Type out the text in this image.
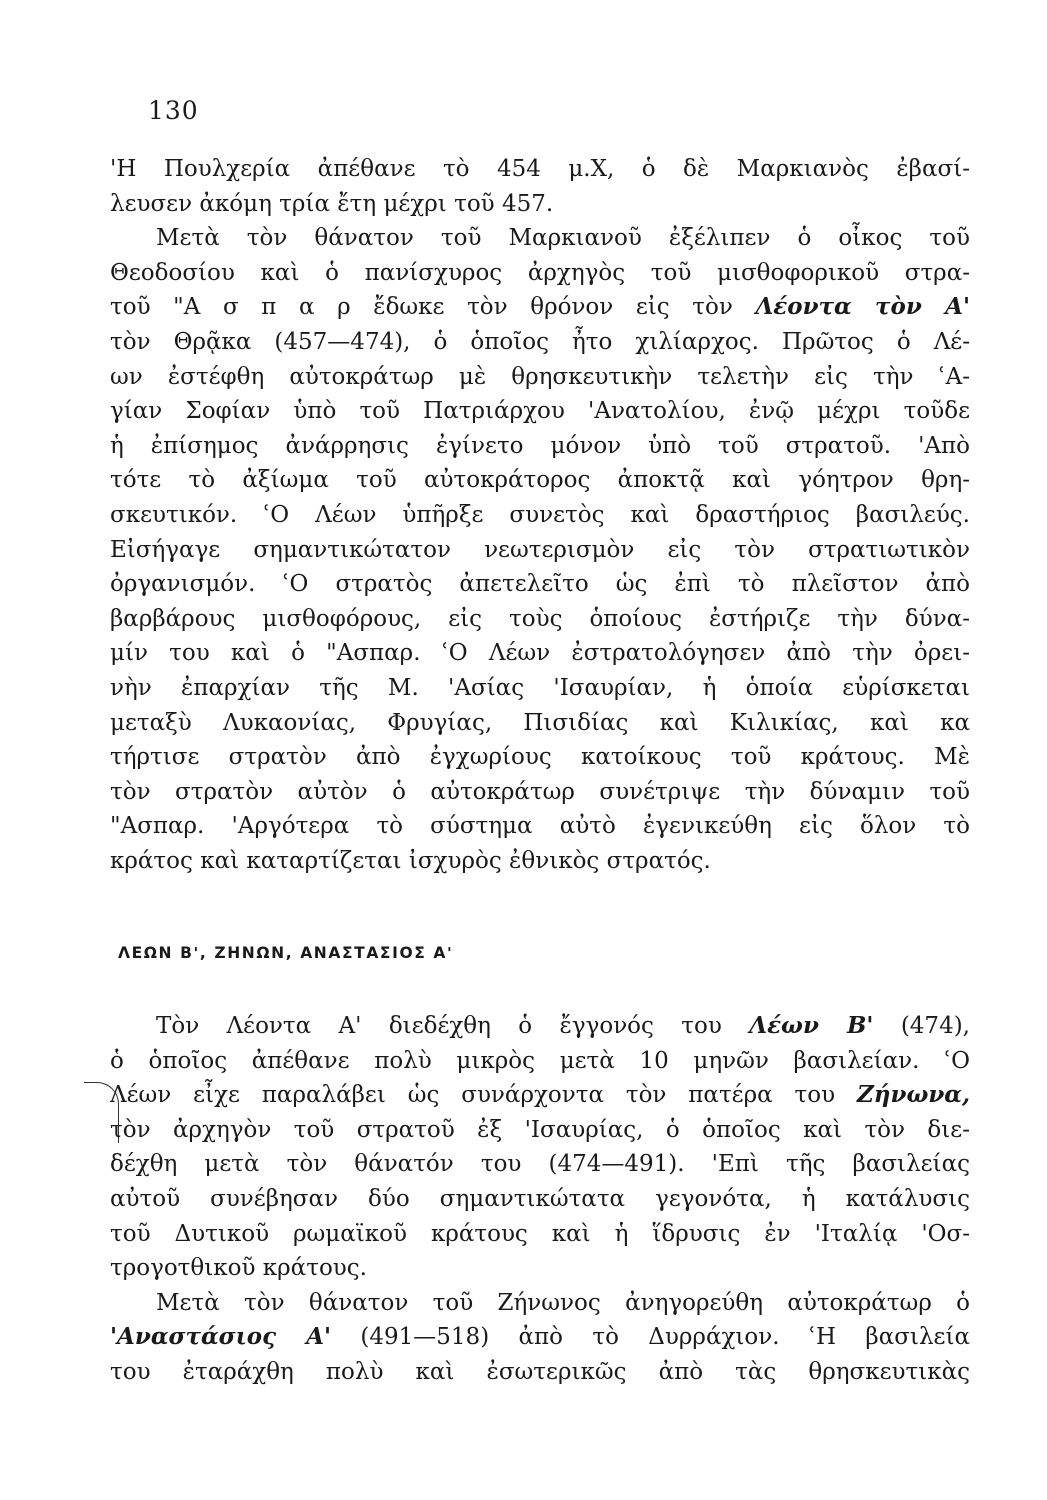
130
'Η Πουλχερία ἀπέθανε τὸ 454 μ.Χ, ὁ δὲ Μαρκιανὸς ἐβασί-
λευσεν ἀκόμη τρία ἔτη μέχρι τοῦ 457.
Μετὰ τὸν θάνατον τοῦ Μαρκιανοῦ ἐξέλιπεν ὁ οἶκος τοῦ
Θεοδοσίου καὶ ὁ πανίσχυρος ἀρχηγὸς τοῦ μισθοφορικοῦ στρα-
τοῦ "Α σ π α ρ ἔδωκε τὸν θρόνον εἰς τὸν Λέοντα τὸν Α'
τὸν Θρᾷκα (457—474), ὁ ὁποῖος ἦτο χιλίαρχος. Πρῶτος ὁ Λέ-
ων ἐστέφθη αὐτοκράτωρ μὲ θρησκευτικὴν τελετὴν εἰς τὴν ʿΑ-
γίαν Σοφίαν ὑπὸ τοῦ Πατριάρχου 'Ανατολίου, ἐνῷ μέχρι τοῦδε
ἡ ἐπίσημος ἀνάρρησις ἐγίνετο μόνον ὑπὸ τοῦ στρατοῦ. 'Απὸ
τότε τὸ ἀξίωμα τοῦ αὐτοκράτορος ἀποκτᾷ καὶ γόητρον θρη-
σκευτικόν. ʿΟ Λέων ὑπῆρξε συνετὸς καὶ δραστήριος βασιλεύς.
Εἰσήγαγε σημαντικώτατον νεωτερισμὸν εἰς τὸν στρατιωτικὸν
ὀργανισμόν. ʿΟ στρατὸς ἀπετελεῖτο ὡς ἐπὶ τὸ πλεῖστον ἀπὸ
βαρβάρους μισθοφόρους, εἰς τοὺς ὁποίους ἐστήριζε τὴν δύνα-
μίν του καὶ ὁ "Ασπαρ. ʿΟ Λέων ἐστρατολόγησεν ἀπὸ τὴν ὀρει-
νὴν ἐπαρχίαν τῆς Μ. 'Ασίας 'Ισαυρίαν, ἡ ὁποία εὑρίσκεται
μεταξὺ Λυκαονίας, Φρυγίας, Πισιδίας καὶ Κιλικίας, καὶ κα
τήρτισε στρατὸν ἀπὸ ἐγχωρίους κατοίκους τοῦ κράτους. Μὲ
τὸν στρατὸν αὐτὸν ὁ αὐτοκράτωρ συνέτριψε τὴν δύναμιν τοῦ
"Ασπαρ. 'Αργότερα τὸ σύστημα αὐτὸ ἐγενικεύθη εἰς ὅλον τὸ
κράτος καὶ καταρτίζεται ἰσχυρὸς ἐθνικὸς στρατός.
ΛΕΩΝ Β', ΖΗΝΩΝ, ΑΝΑΣΤΑΣΙΟΣ Α'
Τὸν Λέοντα Α' διεδέχθη ὁ ἔγγονός του Λέων Β' (474),
ὁ ὁποῖος ἀπέθανε πολὺ μικρὸς μετὰ 10 μηνῶν βασιλείαν. ʿΟ
Λέων εἶχε παραλάβει ὡς συνάρχοντα τὸν πατέρα του Ζήνωνα,
τὸν ἀρχηγὸν τοῦ στρατοῦ ἐξ 'Ισαυρίας, ὁ ὁποῖος καὶ τὸν διε-
δέχθη μετὰ τὸν θάνατόν του (474—491). 'Επὶ τῆς βασιλείας
αὐτοῦ συνέβησαν δύο σημαντικώτατα γεγονότα, ἡ κατάλυσις
τοῦ Δυτικοῦ ρωμαϊκοῦ κράτους καὶ ἡ ἵδρυσις ἐν 'Ιταλίᾳ 'Οσ-
τρογοτθικοῦ κράτους.
Μετὰ τὸν θάνατον τοῦ Ζήνωνος ἀνηγορεύθη αὐτοκράτωρ ὁ
'Αναστάσιος Α' (491—518) ἀπὸ τὸ Δυρράχιον. ʿΗ βασιλεία
του ἐταράχθη πολὺ καὶ ἐσωτερικῶς ἀπὸ τὰς θρησκευτικὰς
